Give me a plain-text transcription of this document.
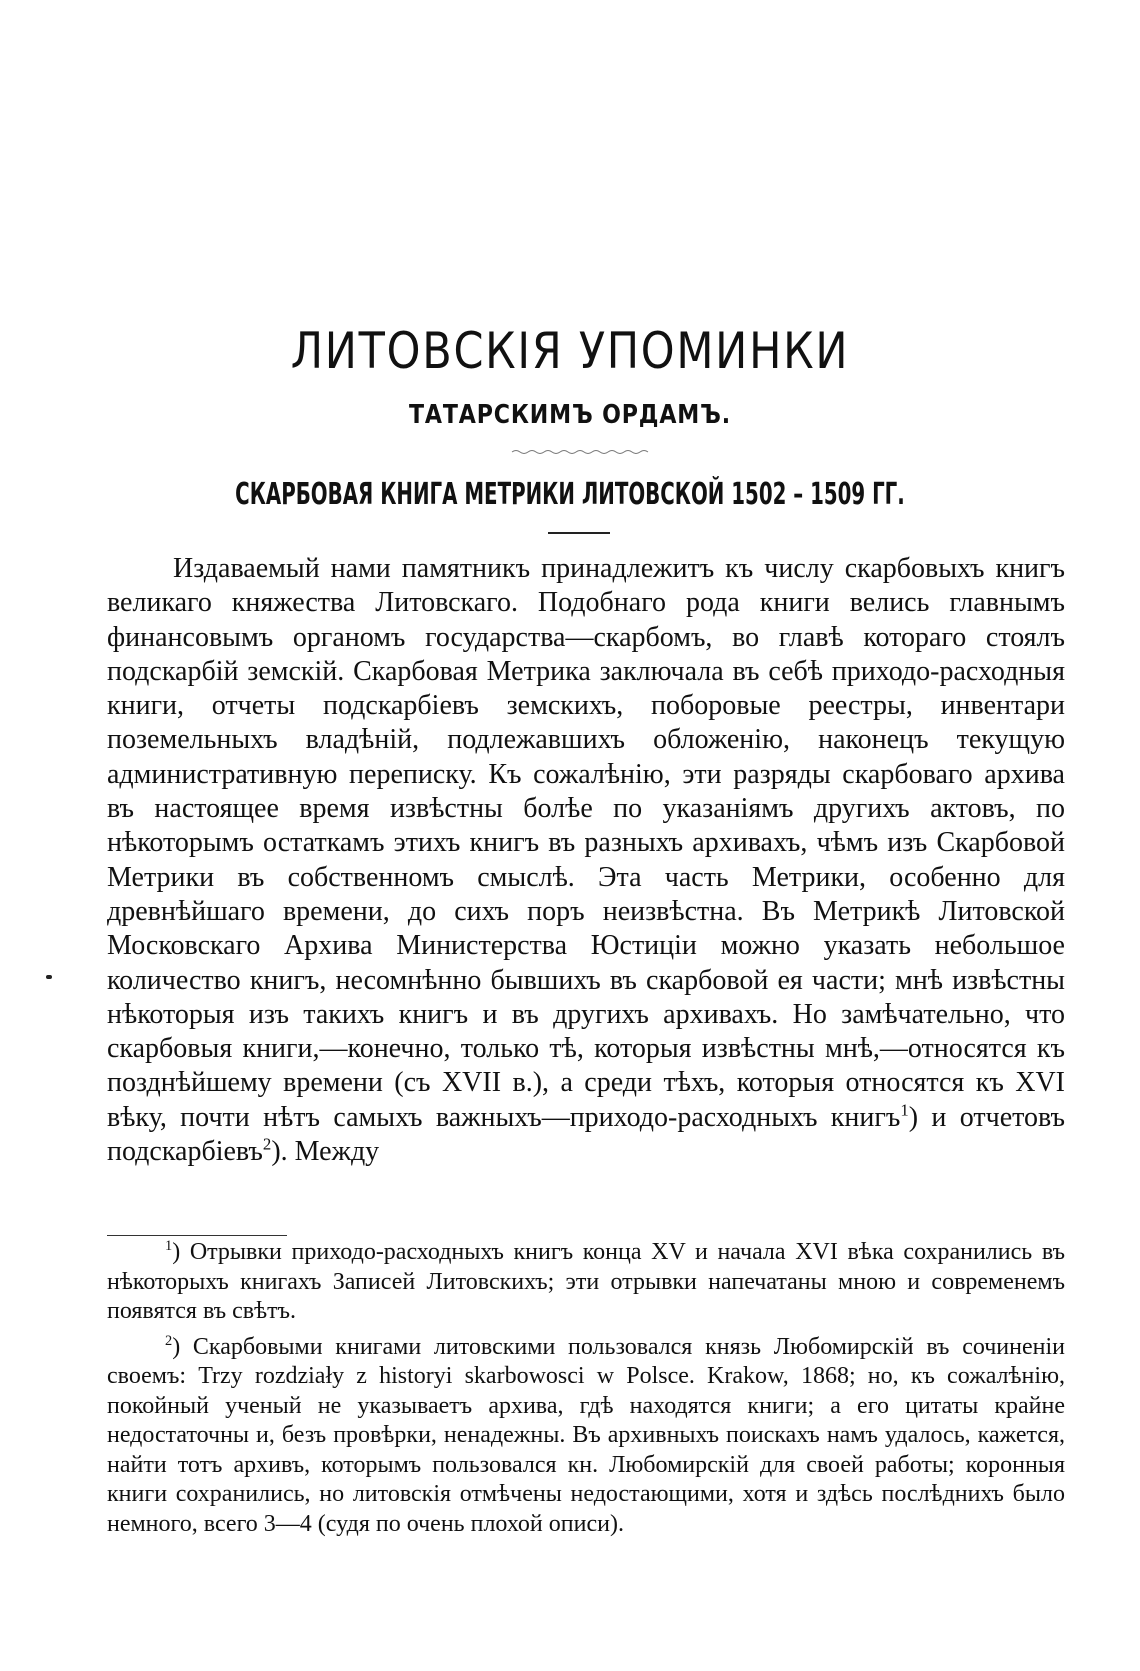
ЛИТОВСКІЯ УПОМИНКИ
ТАТАРСКИМЪ ОРДАМЪ.
СКАРБОВАЯ КНИГА МЕТРИКИ ЛИТОВСКОЙ 1502 – 1509 ГГ.

Издаваемый нами памятникъ принадлежитъ къ числу скарбовыхъ книгъ великаго княжества Литовскаго. Подобнаго рода книги велись главнымъ финансовымъ органомъ государства—скарбомъ, во главѣ котораго стоялъ подскарбій земскій. Скарбовая Метрика заключала въ себѣ приходо-расходныя книги, отчеты подскарбіевъ земскихъ, поборовые реестры, инвентари поземельныхъ владѣній, подлежавшихъ обложенію, наконецъ текущую административную переписку. Къ сожалѣнію, эти разряды скарбоваго архива въ настоящее время извѣстны болѣе по указаніямъ другихъ актовъ, по нѣкоторымъ остаткамъ этихъ книгъ въ разныхъ архивахъ, чѣмъ изъ Скарбовой Метрики въ собственномъ смыслѣ. Эта часть Метрики, особенно для древнѣйшаго времени, до сихъ поръ неизвѣстна. Въ Метрикѣ Литовской Московскаго Архива Министерства Юстиціи можно указать небольшое количество книгъ, несомнѣнно бывшихъ въ скарбовой ея части; мнѣ извѣстны нѣкоторыя изъ такихъ книгъ и въ другихъ архивахъ. Но замѣчательно, что скарбовыя книги,—конечно, только тѣ, которыя извѣстны мнѣ,—относятся къ позднѣйшему времени (съ XVII в.), а среди тѣхъ, которыя относятся къ XVI вѣку, почти нѣтъ самыхъ важныхъ—приходо-расходныхъ книгъ$^1$) и отчетовъ подскарбіевъ$^2$). Между

$^1$) Отрывки приходо-расходныхъ книгъ конца XV и начала XVI вѣка сохранились въ нѣкоторыхъ книгахъ Записей Литовскихъ; эти отрывки напечатаны мною и современемъ появятся въ свѣтъ.

$^2$) Скарбовыми книгами литовскими пользовался князь Любомирскій въ сочиненіи своемъ: Trzy rozdziały z historyi skarbowosci w Polsce. Krakow, 1868; но, къ сожалѣнію, покойный ученый не указываетъ архива, гдѣ находятся книги; а его цитаты крайне недостаточны и, безъ провѣрки, ненадежны. Въ архивныхъ поискахъ намъ удалось, кажется, найти тотъ архивъ, которымъ пользовался кн. Любомирскій для своей работы; коронныя книги сохранились, но литовскія отмѣчены недостающими, хотя и здѣсь послѣднихъ было немного, всего 3—4 (судя по очень плохой описи).
